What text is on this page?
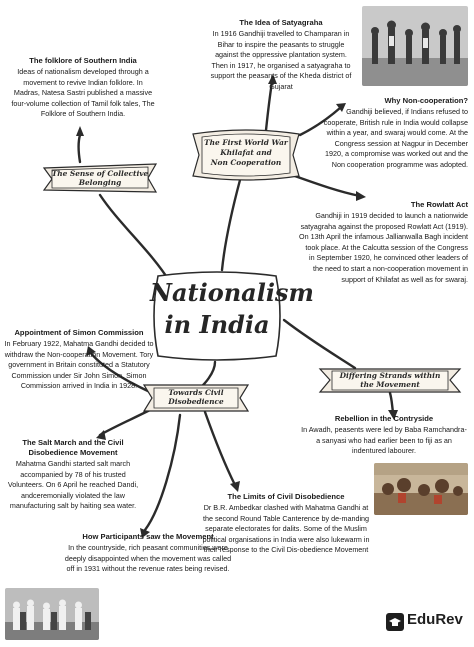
Nationalism
in India
The Sense of Collective
Belonging
The First World War
Khilafat and
Non Cooperation
Towards Civil
Disobedience
Differing Strands within
the Movement
The Idea of Satyagraha

In 1916 Gandhiji travelled to Champaran in Bihar to inspire the peasants to struggle against the oppressive plantation system. Then in 1917, he organised a satyagraha to support the peasants of the Kheda district of Gujarat

The folklore of Southern India

Ideas of nationalism developed through a movement to revive Indian folklore. In Madras, Natesa Sastri published a massive four-volume collection of Tamil folk tales, The Folklore of Southern India.

Why Non-cooperation?

Gandhiji believed, if Indians refused to cooperate, British rule in India would collapse within a year, and swaraj would come. At the Congress session at Nagpur in December 1920, a compromise was worked out and the Non cooperation programme was adopted.

The Rowlatt Act

Gandhiji in 1919 decided to launch a nationwide satyagraha against the proposed Rowlatt Act (1919). On 13th April the infamous Jallianwalla Bagh incident took place. At the Calcutta session of the Congress in September 1920, he convinced other leaders of the need to start a non-cooperation movement in support of Khilafat as well as for swaraj.

Appointment of Simon Commission

In February 1922, Mahatma Gandhi decided to withdraw the Non-cooperation Movement. Tory government in Britain constituted a Statutory Commission under Sir John Simon. Simon Commission arrived in India in 1928.

The Salt March and the Civil Disobedience Movement

Mahatma Gandhi started salt march accompanied by 78 of his trusted Volunteers. On 6 April he reached Dandi, andceremonially violated the law manufacturing salt by haiting sea water.

Rebellion in the Contryside

In Awadh, peasents were led by Baba Ramchandra-a sanyasi who had earlier been to fiji as an indentured labourer.

The Limits of Civil Disobedience

Dr B.R. Ambedkar clashed with Mahatma Gandhi at the second Round Table Canterence by de-manding separate electorates for dalits. Some of the Muslim political organisations in India were also lukewarm in their response to the Civil Dis-obedience Movement

How Participants saw the Movement

In the countryside, rich peasant communities were deeply disappointed when the movement was called off in 1931 without the revenue rates being revised.

EduRev
